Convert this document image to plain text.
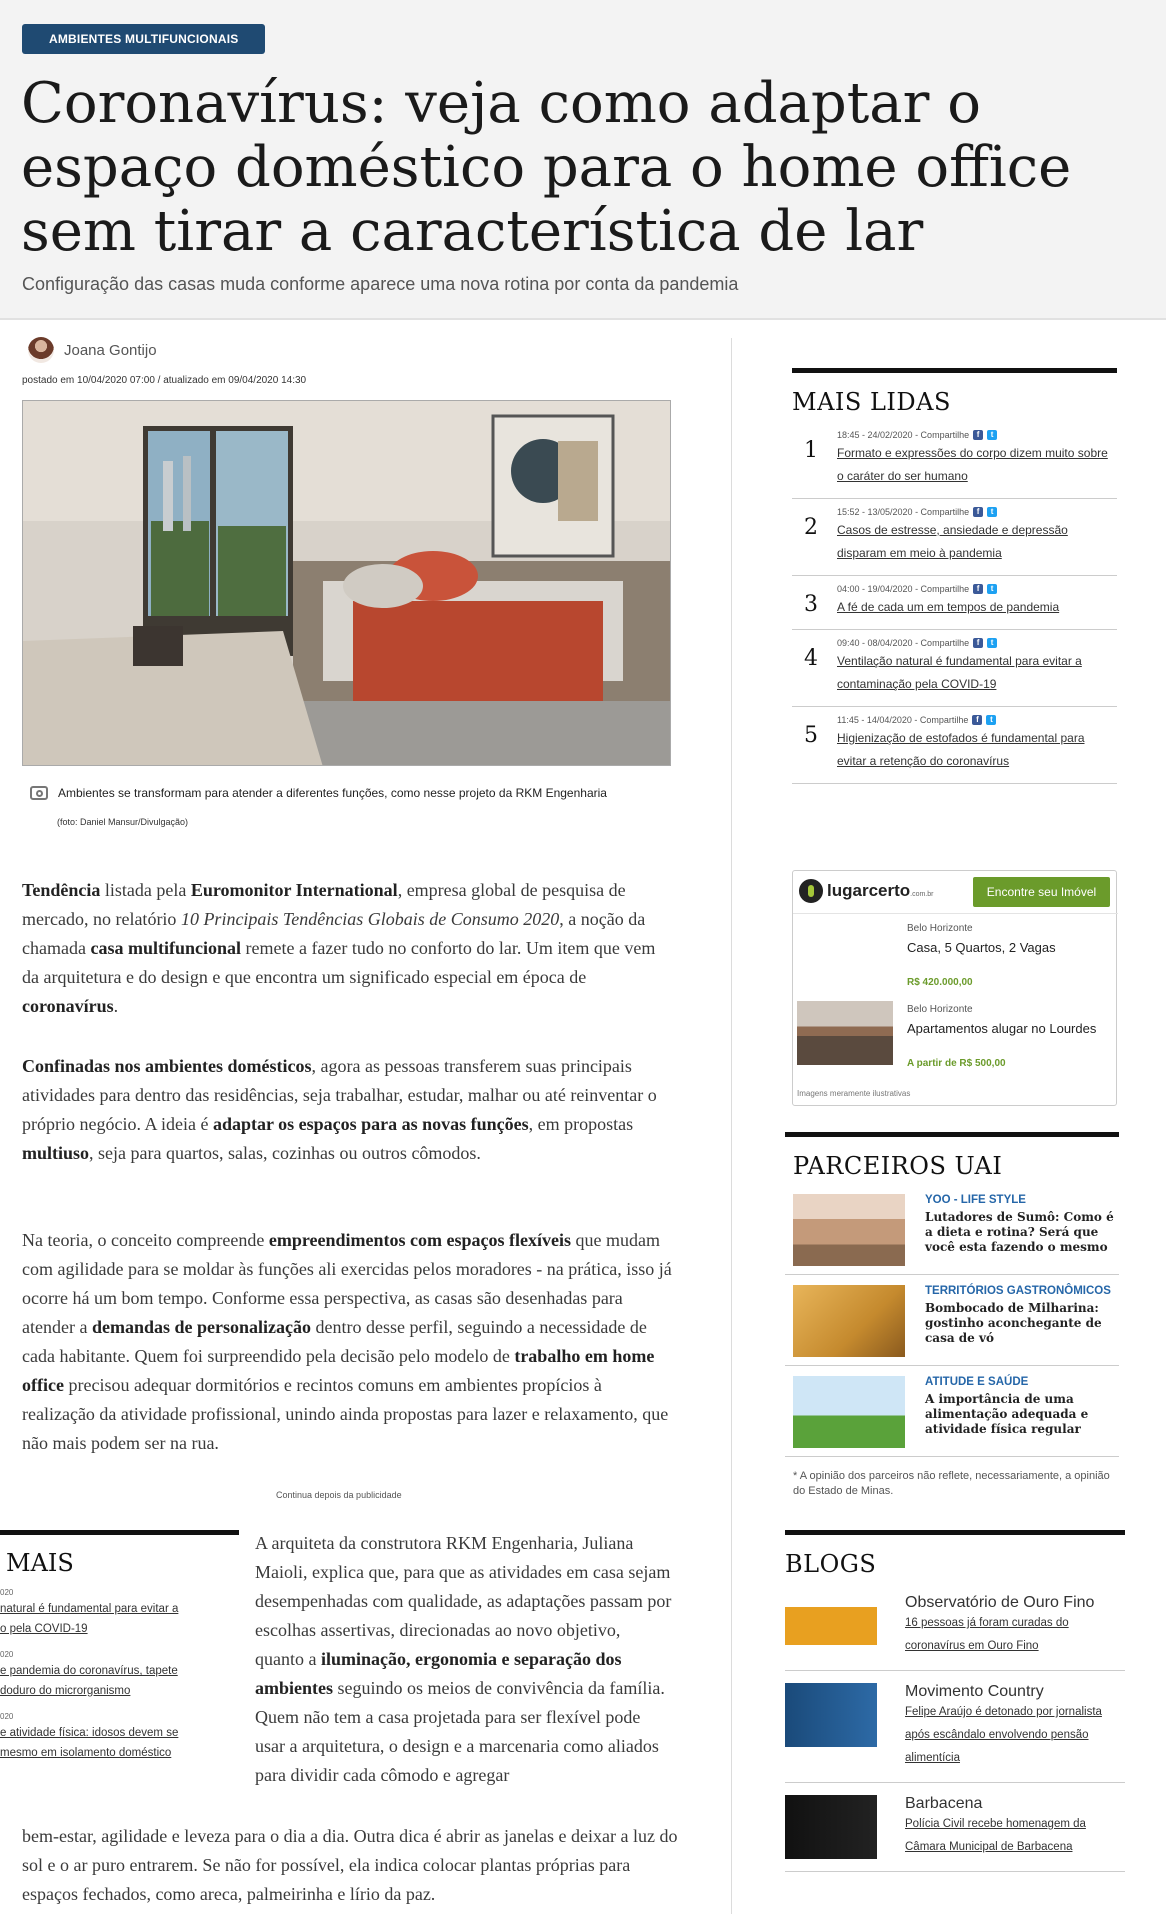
AMBIENTES MULTIFUNCIONAIS
Coronavírus: veja como adaptar o espaço doméstico para o home office sem tirar a característica de lar
Configuração das casas muda conforme aparece uma nova rotina por conta da pandemia
Joana Gontijo
postado em 10/04/2020 07:00 / atualizado em 09/04/2020 14:30
Ambientes se transformam para atender a diferentes funções, como nesse projeto da RKM Engenharia
(foto: Daniel Mansur/Divulgação)
Tendência listada pela Euromonitor International, empresa global de pesquisa de mercado, no relatório 10 Principais Tendências Globais de Consumo 2020, a noção da chamada casa multifuncional remete a fazer tudo no conforto do lar. Um item que vem da arquitetura e do design e que encontra um significado especial em época de coronavírus.
Confinadas nos ambientes domésticos, agora as pessoas transferem suas principais atividades para dentro das residências, seja trabalhar, estudar, malhar ou até reinventar o próprio negócio. A ideia é adaptar os espaços para as novas funções, em propostas multiuso, seja para quartos, salas, cozinhas ou outros cômodos.
Na teoria, o conceito compreende empreendimentos com espaços flexíveis que mudam com agilidade para se moldar às funções ali exercidas pelos moradores - na prática, isso já ocorre há um bom tempo. Conforme essa perspectiva, as casas são desenhadas para atender a demandas de personalização dentro desse perfil, seguindo a necessidade de cada habitante. Quem foi surpreendido pela decisão pelo modelo de trabalho em home office precisou adequar dormitórios e recintos comuns em ambientes propícios à realização da atividade profissional, unindo ainda propostas para lazer e relaxamento, que não mais podem ser na rua.
Continua depois da publicidade
MAIS
020
natural é fundamental para evitar a
o pela COVID-19

020
e pandemia do coronavírus, tapete
doduro do microrganismo

020
e atividade física: idosos devem se
mesmo em isolamento doméstico

A arquiteta da construtora RKM Engenharia, Juliana Maioli, explica que, para que as atividades em casa sejam desempenhadas com qualidade, as adaptações passam por escolhas assertivas, direcionadas ao novo objetivo, quanto a iluminação, ergonomia e separação dos ambientes seguindo os meios de convivência da família. Quem não tem a casa projetada para ser flexível pode usar a arquitetura, o design e a marcenaria como aliados para dividir cada cômodo e agregar
bem-estar, agilidade e leveza para o dia a dia. Outra dica é abrir as janelas e deixar a luz do sol e o ar puro entrarem. Se não for possível, ela indica colocar plantas próprias para espaços fechados, como areca, palmeirinha e lírio da paz.
MAIS LIDAS
1
18:45 - 24/02/2020 - Compartilhe f	t
Formato e expressões do corpo dizem muito sobre o caráter do ser humano
2
15:52 - 13/05/2020 - Compartilhe f	t
Casos de estresse, ansiedade e depressão disparam em meio à pandemia
3
04:00 - 19/04/2020 - Compartilhe f	t
A fé de cada um em tempos de pandemia
4
09:40 - 08/04/2020 - Compartilhe f	t
Ventilação natural é fundamental para evitar a contaminação pela COVID-19
5
11:45 - 14/04/2020 - Compartilhe f	t
Higienização de estofados é fundamental para evitar a retenção do coronavírus
lugarcerto.com.br	Encontre seu Imóvel
Belo Horizonte
Casa, 5 Quartos, 2 Vagas
R$ 420.000,00
Belo Horizonte
Apartamentos alugar no Lourdes
A partir de R$ 500,00
Imagens meramente ilustrativas
PARCEIROS UAI
YOO - LIFE STYLE
Lutadores de Sumô: Como é a dieta e rotina? Será que você esta fazendo o mesmo
TERRITÓRIOS GASTRONÔMICOS
Bombocado de Milharina: gostinho aconchegante de casa de vó
ATITUDE E SAÚDE
A importância de uma alimentação adequada e atividade física regular
* A opinião dos parceiros não reflete, necessariamente, a opinião do Estado de Minas.
BLOGS
Observatório de Ouro Fino
16 pessoas já foram curadas do coronavírus em Ouro Fino
Movimento Country
Felipe Araújo é detonado por jornalista após escândalo envolvendo pensão alimentícia
Barbacena
Polícia Civil recebe homenagem da Câmara Municipal de Barbacena
